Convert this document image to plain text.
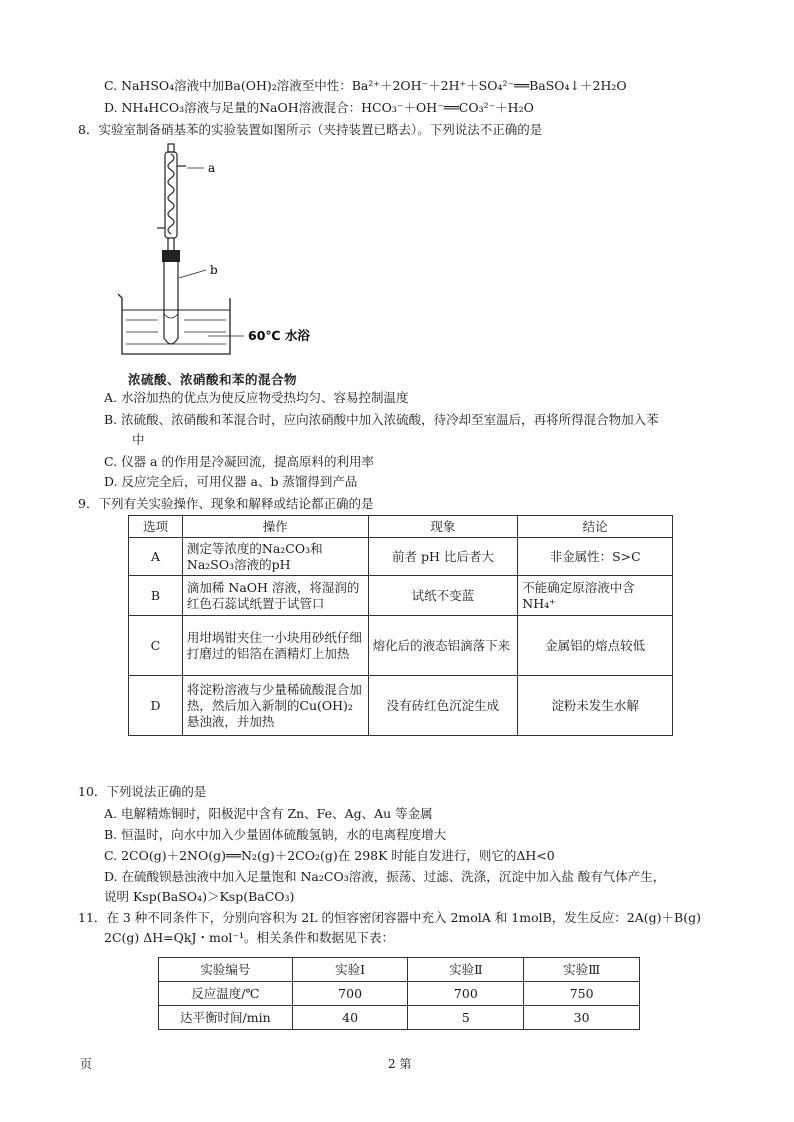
C. NaHSO₄溶液中加Ba(OH)₂溶液至中性：Ba²⁺＋2OH⁻＋2H⁺＋SO₄²⁻══BaSO₄↓＋2H₂O
D. NH₄HCO₃溶液与足量的NaOH溶液混合：HCO₃⁻＋OH⁻══CO₃²⁻＋H₂O
8．实验室制备硝基苯的实验装置如图所示（夹持装置已略去）。下列说法不正确的是
a
b
60℃ 水浴
浓硫酸、浓硝酸和苯的混合物
A. 水浴加热的优点为使反应物受热均匀、容易控制温度
B. 浓硫酸、浓硝酸和苯混合时，应向浓硝酸中加入浓硫酸，待冷却至室温后，再将所得混合物加入苯
中
C. 仪器 a 的作用是冷凝回流，提高原料的利用率
D. 反应完全后，可用仪器 a、b 蒸馏得到产品
9．下列有关实验操作、现象和解释或结论都正确的是
选项	操作	现象	结论
A	测定等浓度的Na₂CO₃和Na₂SO₃溶液的pH	前者 pH 比后者大	非金属性：S>C
B	滴加稀 NaOH 溶液，将湿润的红色石蕊试纸置于试管口	试纸不变蓝	不能确定原溶液中含NH₄⁺
C	用坩埚钳夹住一小块用砂纸仔细打磨过的铝箔在酒精灯上加热	熔化后的液态铝滴落下来	金属铝的熔点较低
D	将淀粉溶液与少量稀硫酸混合加热，然后加入新制的Cu(OH)₂悬浊液，并加热	没有砖红色沉淀生成	淀粉未发生水解
10．下列说法正确的是
A. 电解精炼铜时，阳极泥中含有 Zn、Fe、Ag、Au 等金属
B. 恒温时，向水中加入少量固体硫酸氢钠，水的电离程度增大
C. 2CO(g)＋2NO(g)══N₂(g)＋2CO₂(g)在 298K 时能自发进行，则它的ΔH<0
D. 在硫酸钡悬浊液中加入足量饱和 Na₂CO₃溶液，振荡、过滤、洗涤，沉淀中加入盐 酸有气体产生，
说明 Ksp(BaSO₄)＞Ksp(BaCO₃)
11．在 3 种不同条件下，分别向容积为 2L 的恒容密闭容器中充入 2molA 和 1molB，发生反应：2A(g)＋B(g)
2C(g) ΔH=QkJ・mol⁻¹。相关条件和数据见下表：
实验编号	实验Ⅰ	实验Ⅱ	实验Ⅲ
反应温度/℃	700	700	750
达平衡时间/min	40	5	30
页	2 第
